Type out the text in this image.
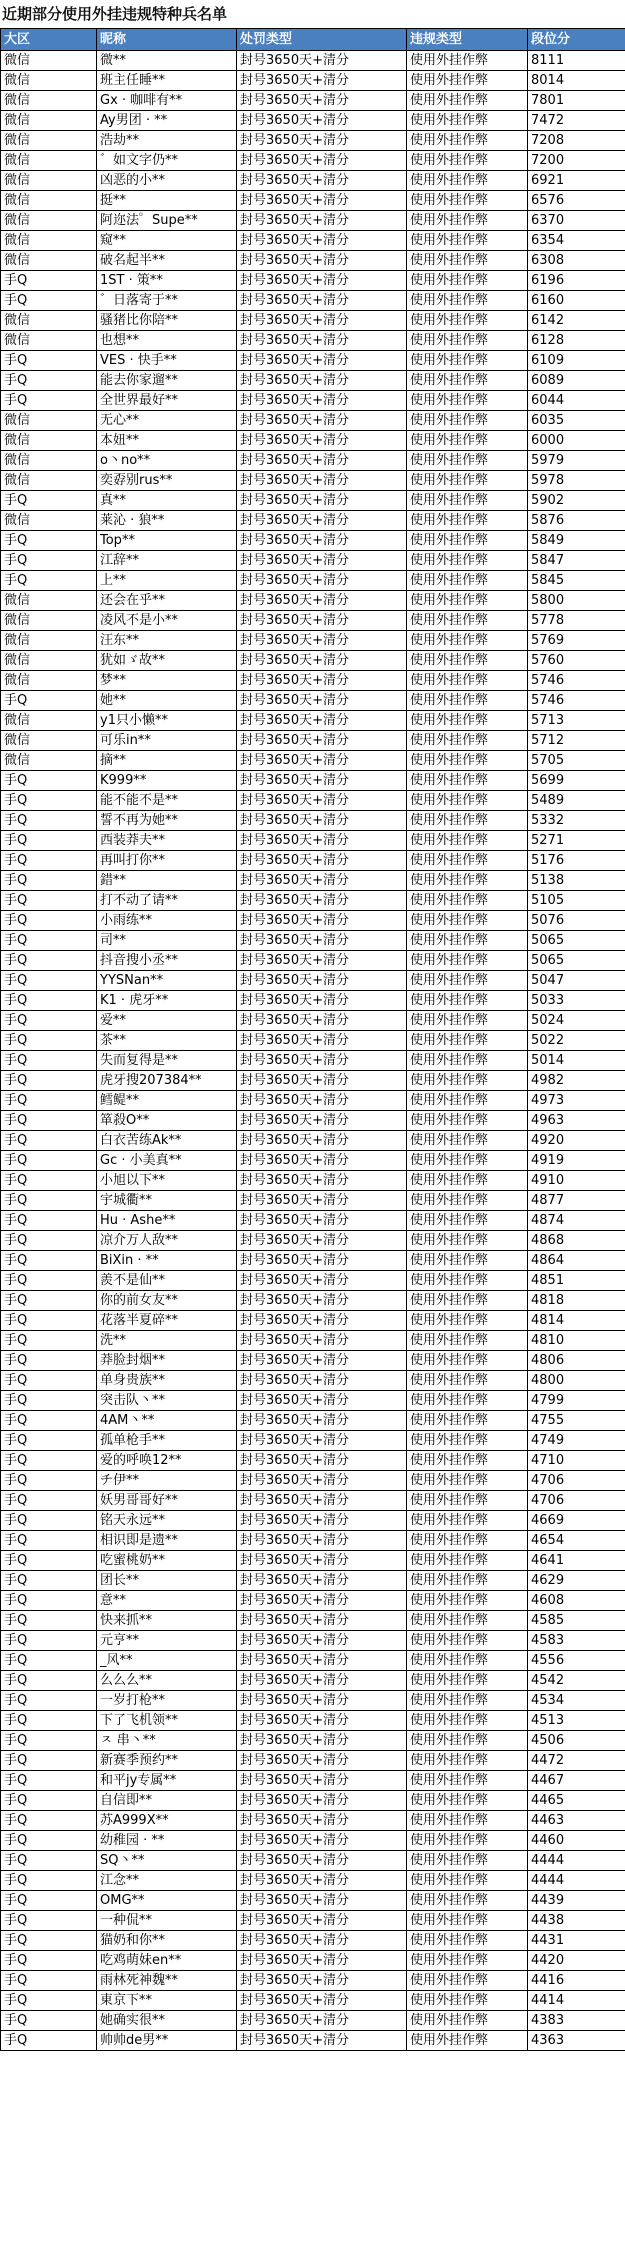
近期部分使用外挂违规特种兵名单
大区	昵称	处罚类型	违规类型	段位分
微信	微**	封号3650天+清分	使用外挂作弊	8111
微信	班主任睡**	封号3650天+清分	使用外挂作弊	8014
微信	Gx · 咖啡有**	封号3650天+清分	使用外挂作弊	7801
微信	Ay男团 · **	封号3650天+清分	使用外挂作弊	7472
微信	浩劫**	封号3650天+清分	使用外挂作弊	7208
微信	゛如文字仍**	封号3650天+清分	使用外挂作弊	7200
微信	凶恶的小**	封号3650天+清分	使用外挂作弊	6921
微信	挺**	封号3650天+清分	使用外挂作弊	6576
微信	阿迩法゜Supe**	封号3650天+清分	使用外挂作弊	6370
微信	窥**	封号3650天+清分	使用外挂作弊	6354
微信	破名起半**	封号3650天+清分	使用外挂作弊	6308
手Q	1ST · 策**	封号3650天+清分	使用外挂作弊	6196
手Q	゛日落寄于**	封号3650天+清分	使用外挂作弊	6160
微信	骚猪比你陪**	封号3650天+清分	使用外挂作弊	6142
微信	也想**	封号3650天+清分	使用外挂作弊	6128
手Q	VES · 快手**	封号3650天+清分	使用外挂作弊	6109
手Q	能去你家遛**	封号3650天+清分	使用外挂作弊	6089
手Q	全世界最好**	封号3650天+清分	使用外挂作弊	6044
微信	无心**	封号3650天+清分	使用外挂作弊	6035
微信	本妞**	封号3650天+清分	使用外挂作弊	6000
微信	o丶no**	封号3650天+清分	使用外挂作弊	5979
微信	奕孬别rus**	封号3650天+清分	使用外挂作弊	5978
手Q	真**	封号3650天+清分	使用外挂作弊	5902
微信	莱沁 · 狼**	封号3650天+清分	使用外挂作弊	5876
手Q	Top**	封号3650天+清分	使用外挂作弊	5849
手Q	江辞**	封号3650天+清分	使用外挂作弊	5847
手Q	上**	封号3650天+清分	使用外挂作弊	5845
微信	还会在乎**	封号3650天+清分	使用外挂作弊	5800
微信	凌风不是小**	封号3650天+清分	使用外挂作弊	5778
微信	汪东**	封号3650天+清分	使用外挂作弊	5769
微信	犹如ゞ故**	封号3650天+清分	使用外挂作弊	5760
微信	梦**	封号3650天+清分	使用外挂作弊	5746
手Q	她**	封号3650天+清分	使用外挂作弊	5746
微信	y1只小懒**	封号3650天+清分	使用外挂作弊	5713
微信	可乐in**	封号3650天+清分	使用外挂作弊	5712
微信	摘**	封号3650天+清分	使用外挂作弊	5705
手Q	K999**	封号3650天+清分	使用外挂作弊	5699
手Q	能不能不是**	封号3650天+清分	使用外挂作弊	5489
手Q	誓不再为她**	封号3650天+清分	使用外挂作弊	5332
手Q	西装莽夫**	封号3650天+清分	使用外挂作弊	5271
手Q	再叫打你**	封号3650天+清分	使用外挂作弊	5176
手Q	錯**	封号3650天+清分	使用外挂作弊	5138
手Q	打不动了请**	封号3650天+清分	使用外挂作弊	5105
手Q	小雨练**	封号3650天+清分	使用外挂作弊	5076
手Q	司**	封号3650天+清分	使用外挂作弊	5065
手Q	抖音搜小丞**	封号3650天+清分	使用外挂作弊	5065
手Q	YYSNan**	封号3650天+清分	使用外挂作弊	5047
手Q	K1 · 虎牙**	封号3650天+清分	使用外挂作弊	5033
手Q	爱**	封号3650天+清分	使用外挂作弊	5024
手Q	茶**	封号3650天+清分	使用外挂作弊	5022
手Q	失而复得是**	封号3650天+清分	使用外挂作弊	5014
手Q	虎牙搜207384**	封号3650天+清分	使用外挂作弊	4982
手Q	鳕鳀**	封号3650天+清分	使用外挂作弊	4973
手Q	箪殺O**	封号3650天+清分	使用外挂作弊	4963
手Q	白衣苦练Ak**	封号3650天+清分	使用外挂作弊	4920
手Q	Gc · 小美真**	封号3650天+清分	使用外挂作弊	4919
手Q	小旭以下**	封号3650天+清分	使用外挂作弊	4910
手Q	宇城衢**	封号3650天+清分	使用外挂作弊	4877
手Q	Hu · Ashe**	封号3650天+清分	使用外挂作弊	4874
手Q	凉介万人敌**	封号3650天+清分	使用外挂作弊	4868
手Q	BiXin · **	封号3650天+清分	使用外挂作弊	4864
手Q	羨不是仙**	封号3650天+清分	使用外挂作弊	4851
手Q	你的前女友**	封号3650天+清分	使用外挂作弊	4818
手Q	花落半夏碎**	封号3650天+清分	使用外挂作弊	4814
手Q	洗**	封号3650天+清分	使用外挂作弊	4810
手Q	莽脸封烟**	封号3650天+清分	使用外挂作弊	4806
手Q	单身贵族**	封号3650天+清分	使用外挂作弊	4800
手Q	突击队丶**	封号3650天+清分	使用外挂作弊	4799
手Q	4AM丶**	封号3650天+清分	使用外挂作弊	4755
手Q	孤单枪手**	封号3650天+清分	使用外挂作弊	4749
手Q	爱的呼唤12**	封号3650天+清分	使用外挂作弊	4710
手Q	チ伊**	封号3650天+清分	使用外挂作弊	4706
手Q	妖男哥哥好**	封号3650天+清分	使用外挂作弊	4706
手Q	铭天永远**	封号3650天+清分	使用外挂作弊	4669
手Q	相识即是遗**	封号3650天+清分	使用外挂作弊	4654
手Q	吃蜜桃奶**	封号3650天+清分	使用外挂作弊	4641
手Q	团长**	封号3650天+清分	使用外挂作弊	4629
手Q	意**	封号3650天+清分	使用外挂作弊	4608
手Q	快来抓**	封号3650天+清分	使用外挂作弊	4585
手Q	元亨**	封号3650天+清分	使用外挂作弊	4583
手Q	_风**	封号3650天+清分	使用外挂作弊	4556
手Q	么么么**	封号3650天+清分	使用外挂作弊	4542
手Q	一岁打枪**	封号3650天+清分	使用外挂作弊	4534
手Q	下了飞机领**	封号3650天+清分	使用外挂作弊	4513
手Q	ㅈ 串丶**	封号3650天+清分	使用外挂作弊	4506
手Q	新赛季预约**	封号3650天+清分	使用外挂作弊	4472
手Q	和平jy专属**	封号3650天+清分	使用外挂作弊	4467
手Q	自信即**	封号3650天+清分	使用外挂作弊	4465
手Q	苏A999X**	封号3650天+清分	使用外挂作弊	4463
手Q	幼稚园 · **	封号3650天+清分	使用外挂作弊	4460
手Q	SQ丶**	封号3650天+清分	使用外挂作弊	4444
手Q	江念**	封号3650天+清分	使用外挂作弊	4444
手Q	OMG**	封号3650天+清分	使用外挂作弊	4439
手Q	一种侃**	封号3650天+清分	使用外挂作弊	4438
手Q	猫奶和你**	封号3650天+清分	使用外挂作弊	4431
手Q	吃鸡萌妹en**	封号3650天+清分	使用外挂作弊	4420
手Q	雨林死神魏**	封号3650天+清分	使用外挂作弊	4416
手Q	東京下**	封号3650天+清分	使用外挂作弊	4414
手Q	她确实很**	封号3650天+清分	使用外挂作弊	4383
手Q	帅帅de男**	封号3650天+清分	使用外挂作弊	4363
